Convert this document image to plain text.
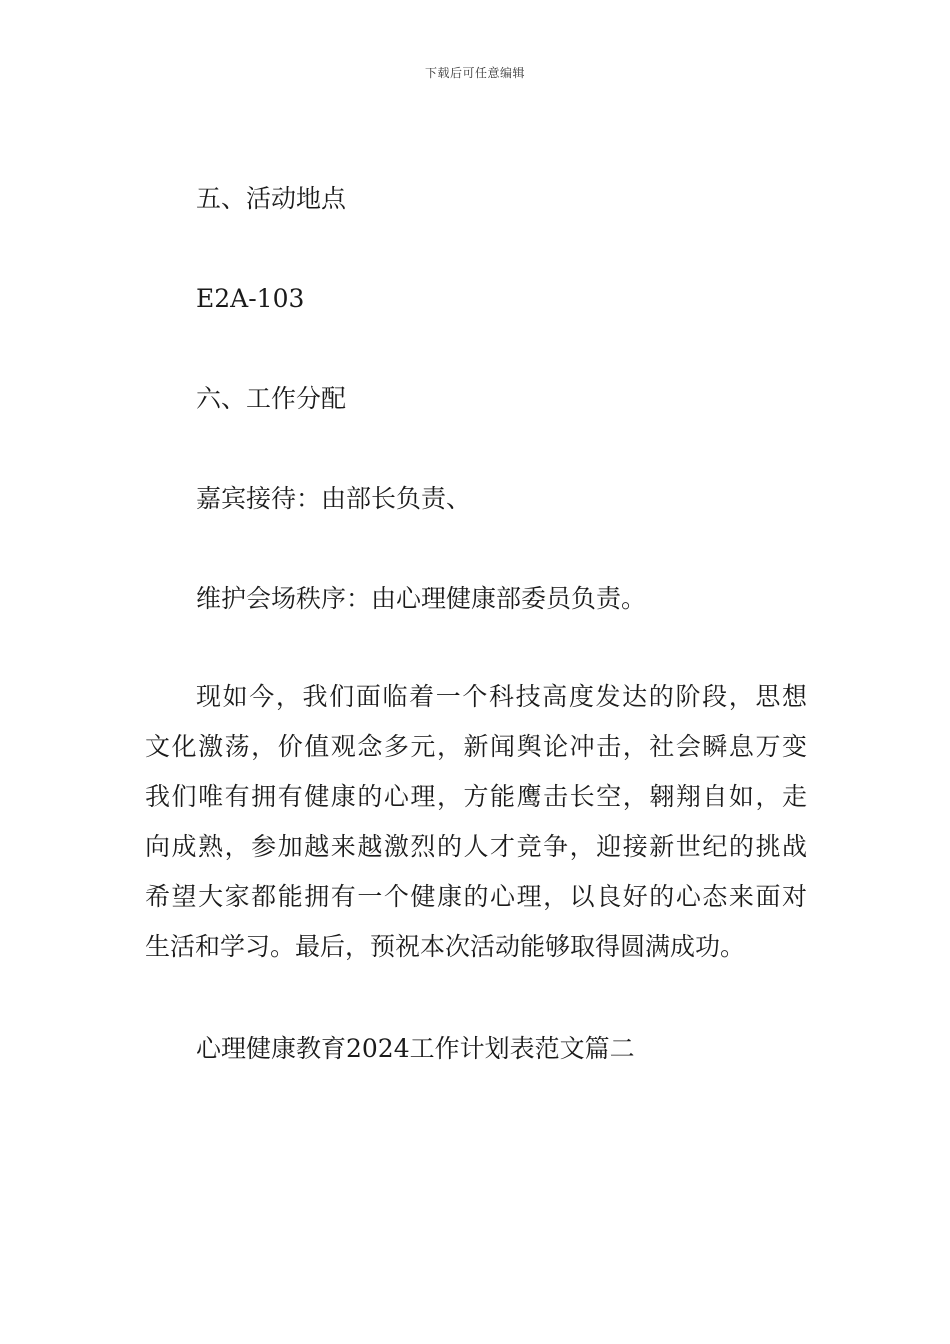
下载后可任意编辑
五、活动地点
E2A-103
六、工作分配
嘉宾接待：由部长负责、
维护会场秩序：由心理健康部委员负责。
现如今，我们面临着一个科技高度发达的阶段，思想
文化激荡，价值观念多元，新闻舆论冲击，社会瞬息万变
我们唯有拥有健康的心理，方能鹰击长空，翱翔自如，走
向成熟，参加越来越激烈的人才竞争，迎接新世纪的挑战
希望大家都能拥有一个健康的心理，以良好的心态来面对
生活和学习。最后，预祝本次活动能够取得圆满成功。
心理健康教育2024工作计划表范文篇二
